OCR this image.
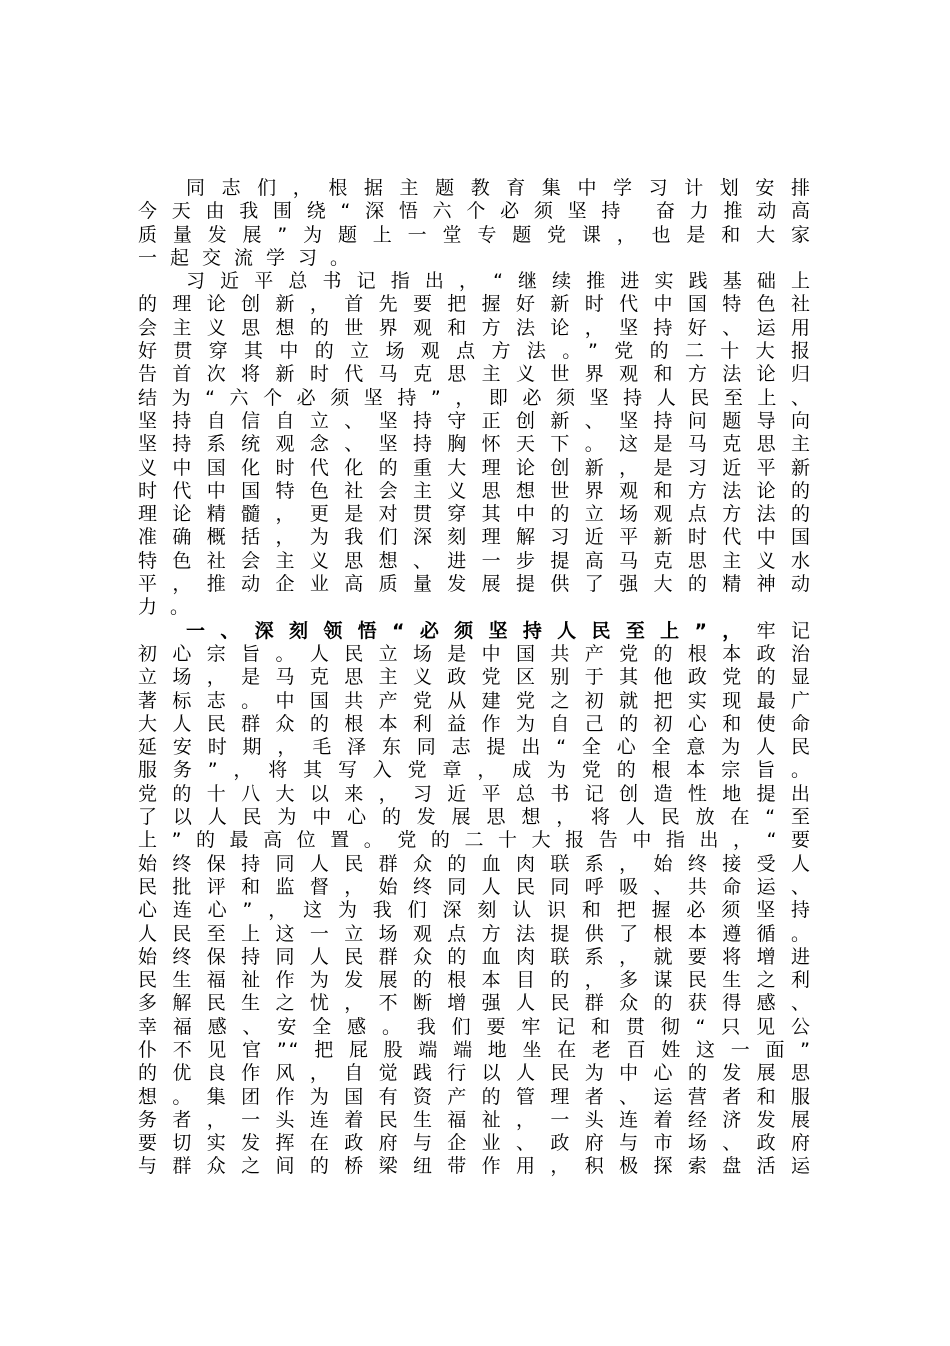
同志们，根据主题教育集中学习计划安排
今天由我围绕“深悟六个必须坚持 奋力推动高
质量发展”为题上一堂专题党课，也是和大家
一起交流学习。
习近平总书记指出，“继续推进实践基础上
的理论创新，首先要把握好新时代中国特色社
会主义思想的世界观和方法论，坚持好、运用
好贯穿其中的立场观点方法。”党的二十大报
告首次将新时代马克思主义世界观和方法论归
结为“六个必须坚持”，即必须坚持人民至上、
坚持自信自立、坚持守正创新、坚持问题导向
坚持系统观念、坚持胸怀天下。这是马克思主
义中国化时代化的重大理论创新，是习近平新
时代中国特色社会主义思想世界观和方法论的
理论精髓，更是对贯穿其中的立场观点方法的
准确概括，为我们深刻理解习近平新时代中国
特色社会主义思想、进一步提高马克思主义水
平，推动企业高质量发展提供了强大的精神动
力。
一、深刻领悟“必须坚持人民至上”，牢记
初心宗旨。人民立场是中国共产党的根本政治
立场，是马克思主义政党区别于其他政党的显
著标志。中国共产党从建党之初就把实现最广
大人民群众的根本利益作为自己的初心和使命
延安时期，毛泽东同志提出“全心全意为人民
服务”，将其写入党章，成为党的根本宗旨。
党的十八大以来，习近平总书记创造性地提出
了以人民为中心的发展思想，将人民放在“至
上”的最高位置。党的二十大报告中指出，“要
始终保持同人民群众的血肉联系，始终接受人
民批评和监督，始终同人民同呼吸、共命运、
心连心”，这为我们深刻认识和把握必须坚持
人民至上这一立场观点方法提供了根本遵循。
始终保持同人民群众的血肉联系，就要将增进
民生福祉作为发展的根本目的，多谋民生之利
多解民生之忧，不断增强人民群众的获得感、
幸福感、安全感。我们要牢记和贯彻“只见公
仆不见官”“把屁股端端地坐在老百姓这一面”
的优良作风，自觉践行以人民为中心的发展思
想。集团作为国有资产的管理者、运营者和服
务者，一头连着民生福祉，一头连着经济发展
要切实发挥在政府与企业、政府与市场、政府
与群众之间的桥梁纽带作用，积极探索盘活运
